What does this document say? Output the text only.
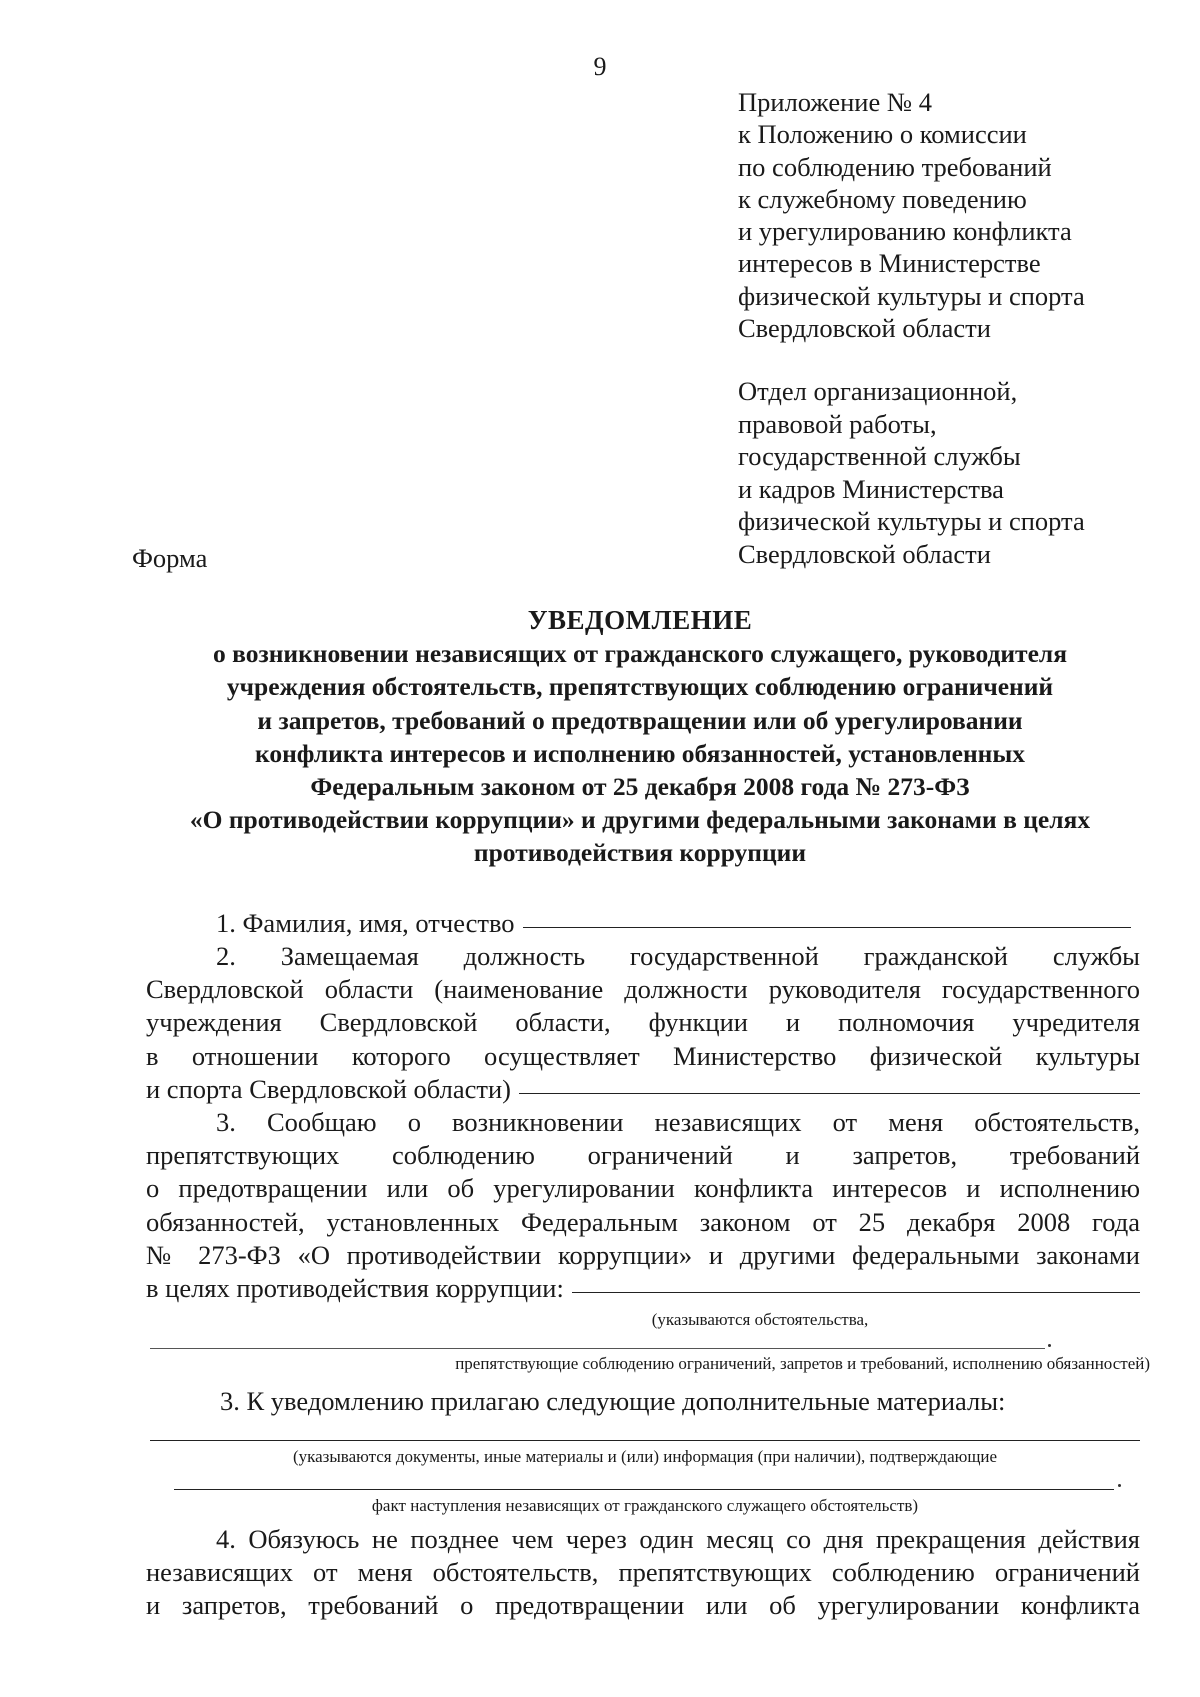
9
Приложение № 4
к Положению о комиссии
по соблюдению требований
к служебному поведению
и урегулированию конфликта
интересов в Министерстве
физической культуры и спорта
Свердловской области
Отдел организационной,
правовой работы,
государственной службы
и кадров Министерства
физической культуры и спорта
Свердловской области
Форма
УВЕДОМЛЕНИЕ
о возникновении независящих от гражданского служащего, руководителя
учреждения обстоятельств, препятствующих соблюдению ограничений
и запретов, требований о предотвращении или об урегулировании
конфликта интересов и исполнению обязанностей, установленных
Федеральным законом от 25 декабря 2008 года № 273-ФЗ
«О противодействии коррупции» и другими федеральными законами в целях
противодействия коррупции
1. Фамилия, имя, отчество
2. Замещаемая должность государственной гражданской службы
Свердловской области (наименование должности руководителя государственного
учреждения Свердловской области, функции и полномочия учредителя
в отношении которого осуществляет Министерство физической культуры
и спорта Свердловской области)
3. Сообщаю о возникновении независящих от меня обстоятельств,
препятствующих соблюдению ограничений и запретов, требований
о предотвращении или об урегулировании конфликта интересов и исполнению
обязанностей, установленных Федеральным законом от 25 декабря 2008 года
№ 273-ФЗ «О противодействии коррупции» и другими федеральными законами
в целях противодействия коррупции:
(указываются обстоятельства,
препятствующие соблюдению ограничений, запретов и требований, исполнению обязанностей)
3. К уведомлению прилагаю следующие дополнительные материалы:
(указываются документы, иные материалы и (или) информация (при наличии), подтверждающие
факт наступления независящих от гражданского служащего обстоятельств)
4. Обязуюсь не позднее чем через один месяц со дня прекращения действия
независящих от меня обстоятельств, препятствующих соблюдению ограничений
и запретов, требований о предотвращении или об урегулировании конфликта
